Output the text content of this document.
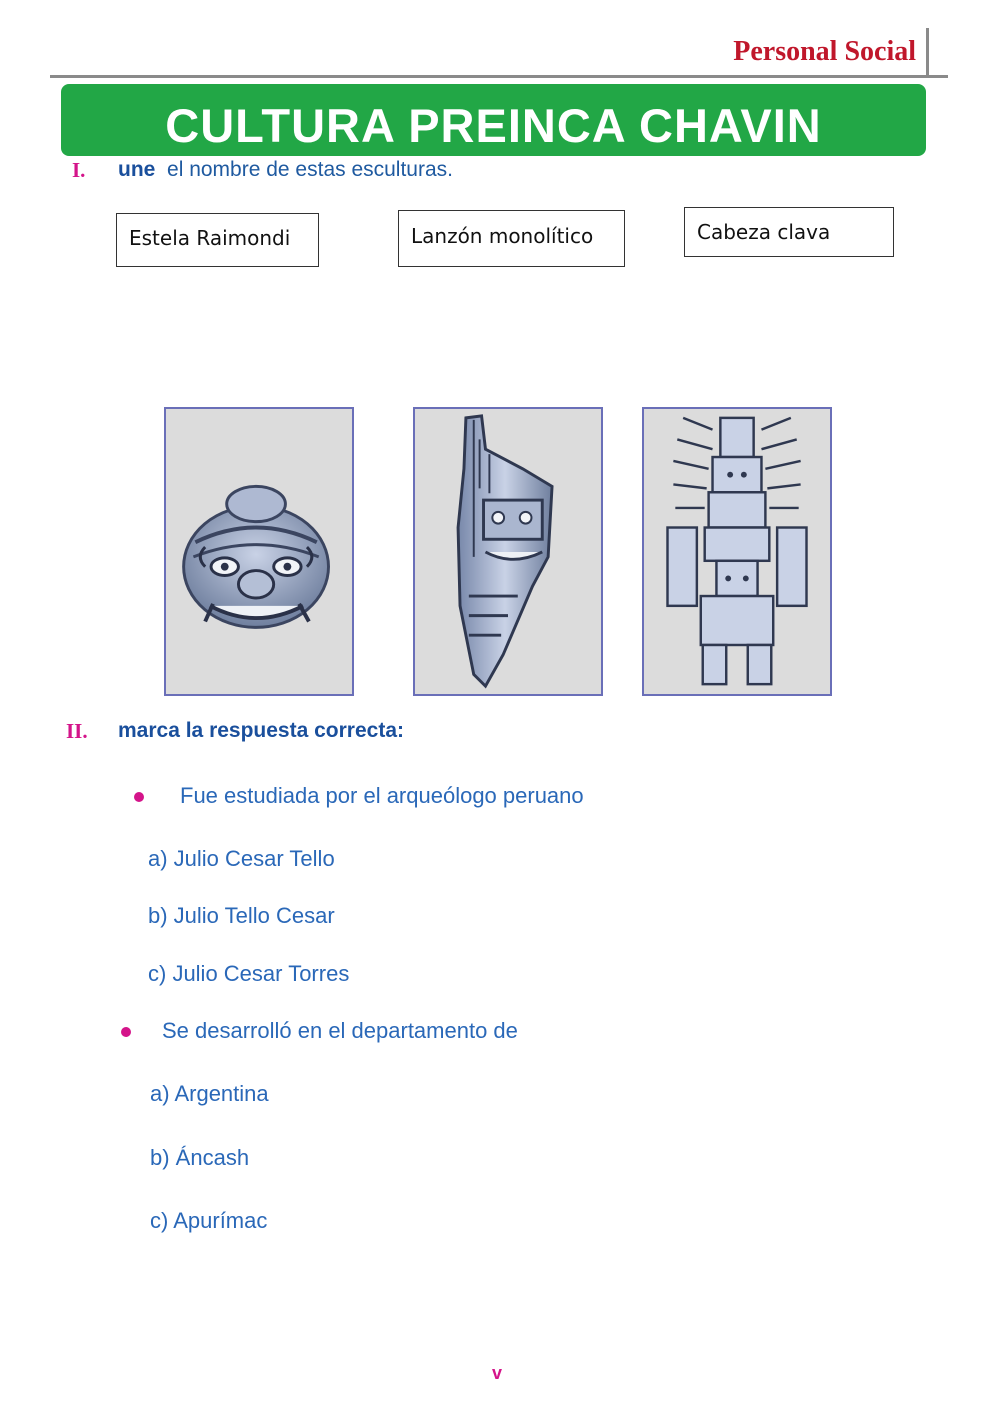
Personal Social
CULTURA PREINCA CHAVIN
I. une el nombre de estas esculturas.
Estela Raimondi	Lanzón monolítico	Cabeza clava
II. marca la respuesta correcta:
Fue estudiada por el arqueólogo peruano
a) Julio Cesar Tello
b) Julio Tello Cesar
c) Julio Cesar Torres
Se desarrolló en el departamento de
a) Argentina
b) Áncash
c) Apurímac
v
